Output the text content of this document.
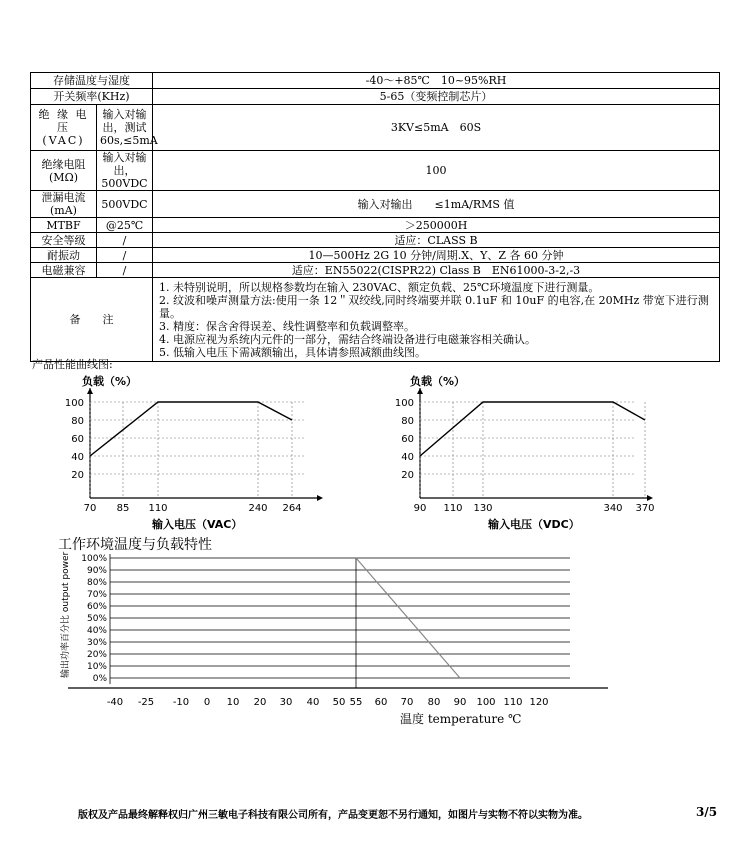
存储温度与湿度		-40～+85℃　10~95%RH
开关频率(KHz)		5-65（变频控制芯片）
绝 缘 电 压 (VAC)	输入对输出，测试60s,≤5mA	3KV≤5mA　60S
绝缘电阻(MΩ)	输入对输出，500VDC	100
泄漏电流(mA)	500VDC	输入对输出　　≤1mA/RMS 值
MTBF	@25℃	＞250000H
安全等级	/	适应：CLASS B
耐振动	/	10—500Hz 2G 10 分钟/周期.X、Y、Z 各 60 分钟
电磁兼容	/	适应：EN55022(CISPR22) Class B　EN61000-3-2,-3
备　　注		1. 未特别说明，所以规格参数均在输入 230VAC、额定负载、25℃环境温度下进行测量。
2. 纹波和噪声测量方法:使用一条 12＂双绞线,同时终端要并联 0.1uF 和 10uF 的电容,在 20MHz 带宽下进行测量。
3. 精度：保含舍得误差、线性调整率和负载调整率。
4. 电源应视为系统内元件的一部分，需结合终端设备进行电磁兼容相关确认。
5. 低输入电压下需减额输出，具体请参照减额曲线图。
产品性能曲线图:
负载（%）
输入电压（VAC）
100
80
60
40
20
70 85 110	240 264
负载（%）
输入电压（VDC）
100
80
60
40
20
90 110 130	340 370
工作环境温度与负载特性
100%
90%
80%
70%
60%
50%
40%
30%
20%
10%
0%
-40 -25 -10 0 10 20 30 40 50 55 60 70 80 90 100 110 120
输出功率百分比 output power
温度 temperature ℃
版权及产品最终解释权归广州三敏电子科技有限公司所有，产品变更恕不另行通知，如图片与实物不符以实物为准。	3/5
